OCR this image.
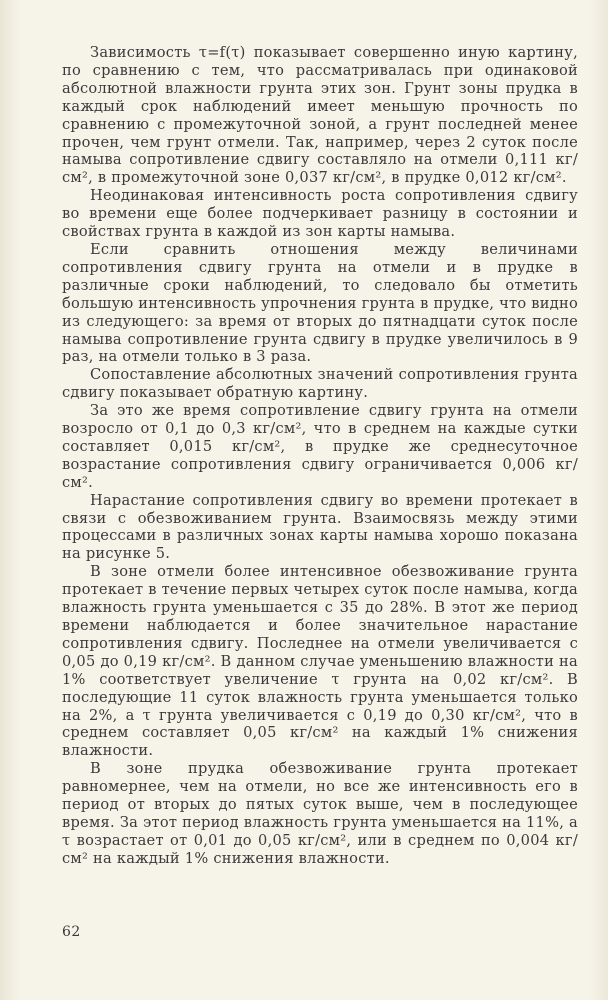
Зависимость τ=f(τ) показывает совершенно иную картину, по сравнению с тем, что рассматривалась при одинаковой абсолютной влажности грунта этих зон. Грунт зоны прудка в каждый срок наблюдений имеет меньшую прочность по сравнению с промежуточной зоной, а грунт последней менее прочен, чем грунт отмели. Так, например, через 2 суток после намыва сопротивление сдвигу составляло на отмели 0,111 кг/см², в промежуточной зоне 0,037 кг/см², в прудке 0,012 кг/см².

Неодинаковая интенсивность роста сопротивления сдвигу во времени еще более подчеркивает разницу в состоянии и свойствах грунта в каждой из зон карты намыва.

Если сравнить отношения между величинами сопротивления сдвигу грунта на отмели и в прудке в различные сроки наблюдений, то следовало бы отметить большую интенсивность упрочнения грунта в прудке, что видно из следующего: за время от вторых до пятнадцати суток после намыва сопротивление грунта сдвигу в прудке увеличилось в 9 раз, на отмели только в 3 раза.

Сопоставление абсолютных значений сопротивления грунта сдвигу показывает обратную картину.

За это же время сопротивление сдвигу грунта на отмели возросло от 0,1 до 0,3 кг/см², что в среднем на каждые сутки составляет 0,015 кг/см², в прудке же среднесуточное возрастание сопротивления сдвигу ограничивается 0,006 кг/см².

Нарастание сопротивления сдвигу во времени протекает в связи с обезвоживанием грунта. Взаимосвязь между этими процессами в различных зонах карты намыва хорошо показана на рисунке 5.

В зоне отмели более интенсивное обезвоживание грунта протекает в течение первых четырех суток после намыва, когда влажность грунта уменьшается с 35 до 28%. В этот же период времени наблюдается и более значительное нарастание сопротивления сдвигу. Последнее на отмели увеличивается с 0,05 до 0,19 кг/см². В данном случае уменьшению влажности на 1% соответствует увеличение τ грунта на 0,02 кг/см². В последующие 11 суток влажность грунта уменьшается только на 2%, а τ грунта увеличивается с 0,19 до 0,30 кг/см², что в среднем составляет 0,05 кг/см² на каждый 1% снижения влажности.

В зоне прудка обезвоживание грунта протекает равномернее, чем на отмели, но все же интенсивность его в период от вторых до пятых суток выше, чем в последующее время. За этот период влажность грунта уменьшается на 11%, а τ возрастает от 0,01 до 0,05 кг/см², или в среднем по 0,004 кг/см² на каждый 1% снижения влажности.

62
